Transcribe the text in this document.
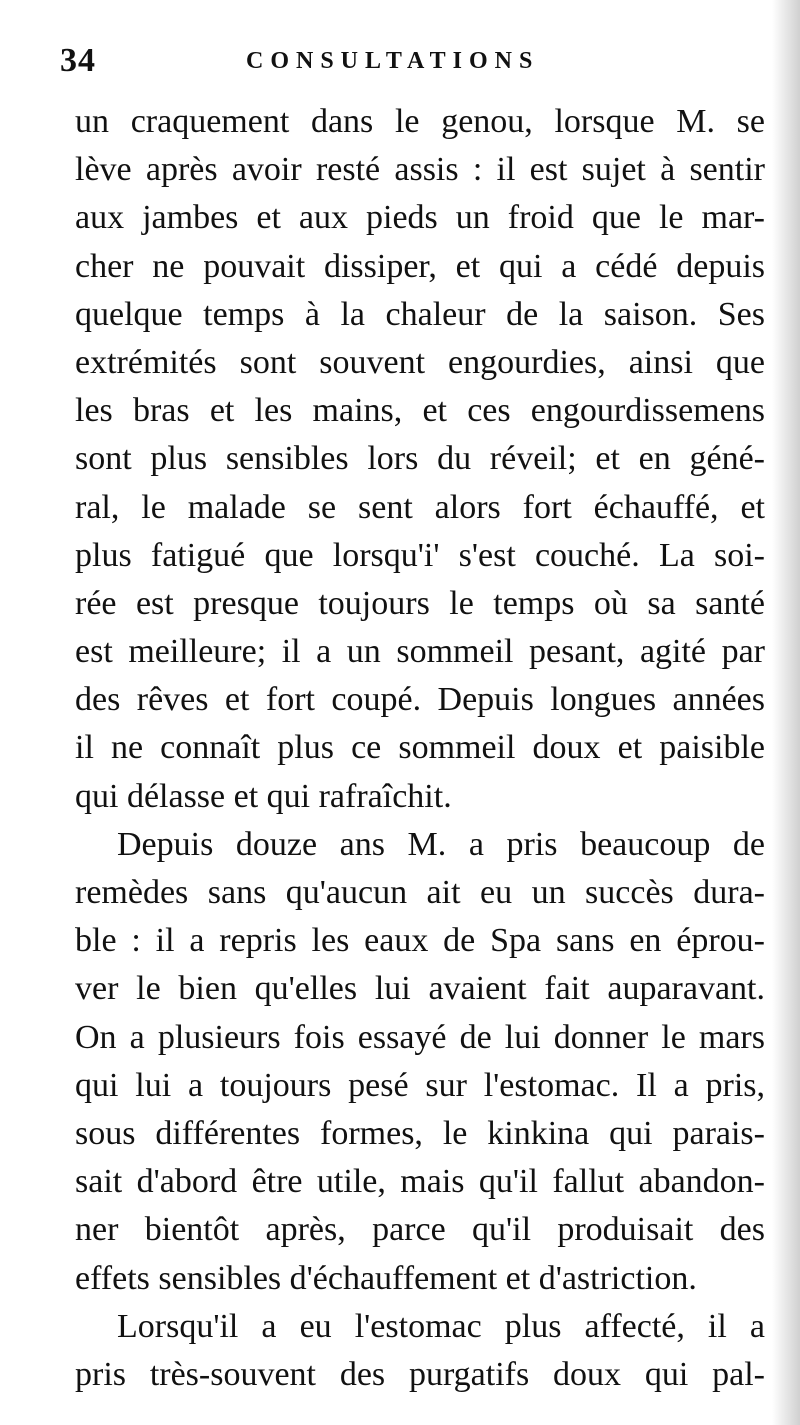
34	CONSULTATIONS
un craquement dans le genou, lorsque M. se
lève après avoir resté assis : il est sujet à sentir
aux jambes et aux pieds un froid que le mar-
cher ne pouvait dissiper, et qui a cédé depuis
quelque temps à la chaleur de la saison. Ses
extrémités sont souvent engourdies, ainsi que
les bras et les mains, et ces engourdissemens
sont plus sensibles lors du réveil; et en géné-
ral, le malade se sent alors fort échauffé, et
plus fatigué que lorsqu'i' s'est couché. La soi-
rée est presque toujours le temps où sa santé
est meilleure; il a un sommeil pesant, agité par
des rêves et fort coupé. Depuis longues années
il ne connaît plus ce sommeil doux et paisible
qui délasse et qui rafraîchit.
Depuis douze ans M. a pris beaucoup de
remèdes sans qu'aucun ait eu un succès dura-
ble : il a repris les eaux de Spa sans en éprou-
ver le bien qu'elles lui avaient fait auparavant.
On a plusieurs fois essayé de lui donner le mars
qui lui a toujours pesé sur l'estomac. Il a pris,
sous différentes formes, le kinkina qui parais-
sait d'abord être utile, mais qu'il fallut abandon-
ner bientôt après, parce qu'il produisait des
effets sensibles d'échauffement et d'astriction.
Lorsqu'il a eu l'estomac plus affecté, il a
pris très-souvent des purgatifs doux qui pal-
